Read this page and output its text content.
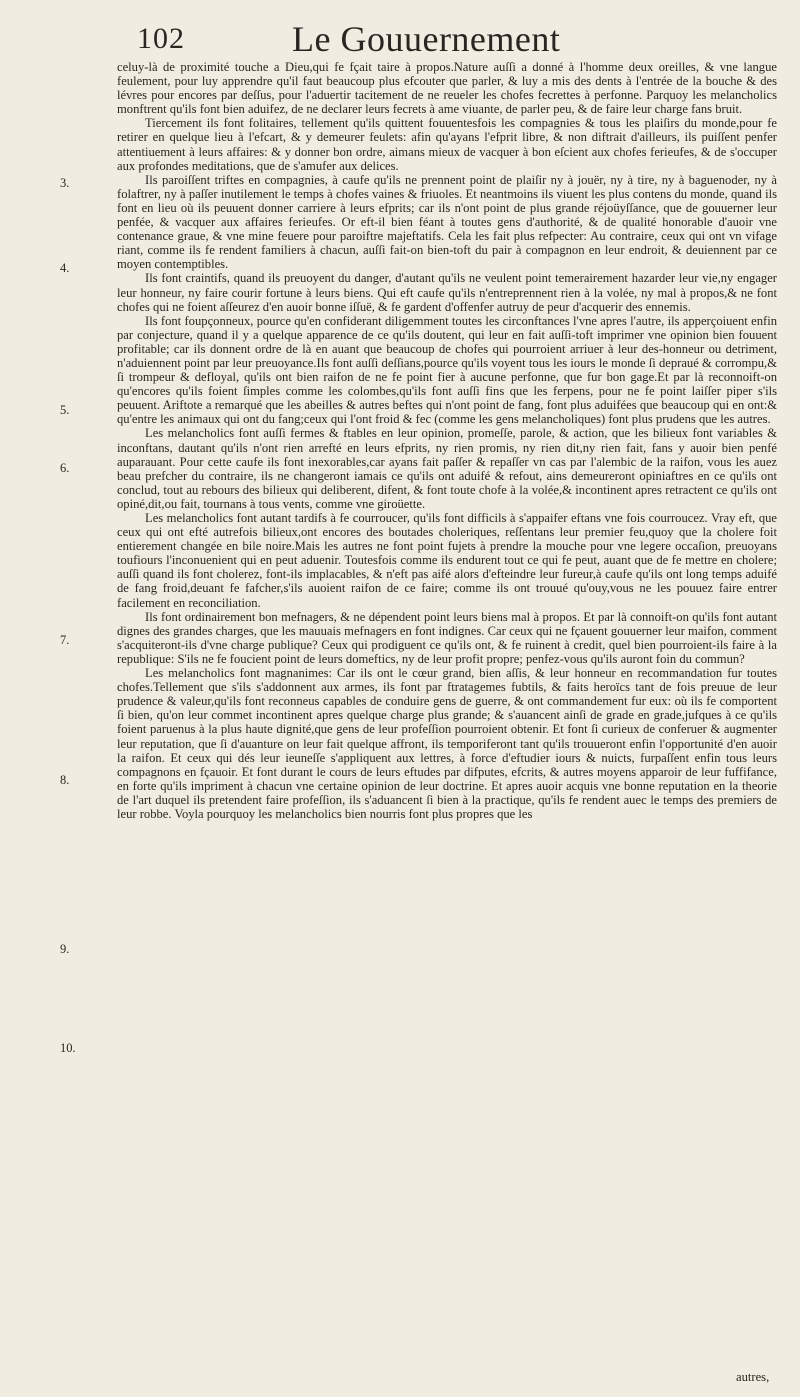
102	Le Gouuernement
3.
4.
5.
6.
7.
8.
9.
10.

celuy-là de proximité touche a Dieu,qui fe fçait taire à propos.Nature auſſi a donné à l'homme deux oreilles, & vne langue feulement, pour luy apprendre qu'il faut beaucoup plus efcouter que parler, & luy a mis des dents à l'entrée de la bouche & des lévres pour encores par deſſus, pour l'aduertir tacitement de ne reueler les chofes fecrettes à perfonne. Parquoy les melancholics monftrent qu'ils font bien aduifez, de ne declarer leurs fecrets à ame viuante, de parler peu, & de faire leur charge fans bruit.

Tiercement ils font folitaires, tellement qu'ils quittent fouuentesfois les compagnies & tous les plaiſirs du monde,pour fe retirer en quelque lieu à l'efcart, & y demeurer feulets: afin qu'ayans l'efprit libre, & non diftrait d'ailleurs, ils puiſſent penfer attentiuement à leurs affaires: & y donner bon ordre, aimans mieux de vacquer à bon eſcient aux chofes ferieufes, & de s'occuper aux profondes meditations, que de s'amufer aux delices.

Ils paroiſſent triftes en compagnies, à caufe qu'ils ne prennent point de plaiſir ny à jouër, ny à tire, ny à baguenoder, ny à folaftrer, ny à paſſer inutilement le temps à chofes vaines & friuoles. Et neantmoins ils viuent les plus contens du monde, quand ils font en lieu où ils peuuent donner carriere à leurs efprits; car ils n'ont point de plus grande réjoüyſſance, que de gouuerner leur penfée, & vacquer aux affaires ferieufes. Or eft-il bien féant à toutes gens d'authorité, & de qualité honorable d'auoir vne contenance graue, & vne mine feuere pour paroiftre majeftatifs. Cela les fait plus refpecter: Au contraire, ceux qui ont vn vifage riant, comme ils fe rendent familiers à chacun, auſſi fait-on bien-toft du pair à compagnon en leur endroit, & deuiennent par ce moyen contemptibles.

Ils font craintifs, quand ils preuoyent du danger, d'autant qu'ils ne veulent point temerairement hazarder leur vie,ny engager leur honneur, ny faire courir fortune à leurs biens. Qui eft caufe qu'ils n'entreprennent rien à la volée, ny mal à propos,& ne font chofes qui ne foient aſſeurez d'en auoir bonne iſſuë, & fe gardent d'offenfer autruy de peur d'acquerir des ennemis.

Ils font foupçonneux, pource qu'en confiderant diligemment toutes les circonftances l'vne apres l'autre, ils apperçoiuent enfin par conjecture, quand il y a quelque apparence de ce qu'ils doutent, qui leur en fait auſſi-toft imprimer vne opinion bien fouuent profitable; car ils donnent ordre de là en auant que beaucoup de chofes qui pourroient arriuer à leur des-honneur ou detriment, n'aduiennent point par leur preuoyance.Ils font auſſi deſſians,pource qu'ils voyent tous les iours le monde ſi depraué & corrompu,& ſi trompeur & defloyal, qu'ils ont bien raifon de ne fe point fier à aucune perfonne, que fur bon gage.Et par là reconnoift-on qu'encores qu'ils foient ſimples comme les colombes,qu'ils font auſſi fins que les ferpens, pour ne fe point laiſſer piper s'ils peuuent. Ariftote a remarqué que les abeilles & autres beftes qui n'ont point de fang, font plus aduifées que beaucoup qui en ont:& qu'entre les animaux qui ont du fang;ceux qui l'ont froid & fec (comme les gens melancholiques) font plus prudens que les autres.

Les melancholics font auſſi fermes & ftables en leur opinion, promeſſe, parole, & action, que les bilieux font variables & inconftans, dautant qu'ils n'ont rien arrefté en leurs efprits, ny rien promis, ny rien dit,ny rien fait, fans y auoir bien penfé auparauant. Pour cette caufe ils font inexorables,car ayans fait paſſer & repaſſer vn cas par l'alembic de la raifon, vous les auez beau prefcher du contraire, ils ne changeront iamais ce qu'ils ont aduifé & refout, ains demeureront opiniaftres en ce qu'ils ont conclud, tout au rebours des bilieux qui deliberent, difent, & font toute chofe à la volée,& incontinent apres retractent ce qu'ils ont opiné,dit,ou fait, tournans à tous vents, comme vne giroüette.

Les melancholics font autant tardifs à fe courroucer, qu'ils font difficils à s'appaifer eftans vne fois courroucez. Vray eft, que ceux qui ont efté autrefois bilieux,ont encores des boutades choleriques, reſſentans leur premier feu,quoy que la cholere foit entierement changée en bile noire.Mais les autres ne font point fujets à prendre la mouche pour vne legere occaſion, preuoyans toufiours l'inconuenient qui en peut aduenir. Toutesfois comme ils endurent tout ce qui fe peut, auant que de fe mettre en cholere; auſſi quand ils font cholerez, font-ils implacables, & n'eft pas aifé alors d'efteindre leur fureur,à caufe qu'ils ont long temps aduifé de fang froid,deuant fe fafcher,s'ils auoient raifon de ce faire; comme ils ont trouué qu'ouy,vous ne les pouuez faire entrer facilement en reconciliation.

Ils font ordinairement bon mefnagers, & ne dépendent point leurs biens mal à propos. Et par là connoift-on qu'ils font autant dignes des grandes charges, que les mauuais mefnagers en font indignes. Car ceux qui ne fçauent gouuerner leur maifon, comment s'acquiteront-ils d'vne charge publique? Ceux qui prodiguent ce qu'ils ont, & fe ruinent à credit, quel bien pourroient-ils faire à la republique: S'ils ne fe foucient point de leurs domeftics, ny de leur profit propre; penfez-vous qu'ils auront foin du commun?

Les melancholics font magnanimes: Car ils ont le cœur grand, bien aſſis, & leur honneur en recommandation fur toutes chofes.Tellement que s'ils s'addonnent aux armes, ils font par ftratagemes fubtils, & faits heroïcs tant de fois preuue de leur prudence & valeur,qu'ils font reconneus capables de conduire gens de guerre, & ont commandement fur eux: où ils fe comportent ſi bien, qu'on leur commet incontinent apres quelque charge plus grande; & s'auancent ainſi de grade en grade,jufques à ce qu'ils foient paruenus à la plus haute dignité,que gens de leur profeſſion pourroient obtenir. Et font ſi curieux de conferuer & augmenter leur reputation, que ſi d'auanture on leur fait quelque affront, ils temporiferont tant qu'ils trouueront enfin l'opportunité d'en auoir la raifon. Et ceux qui dés leur ieuneſſe s'appliquent aux lettres, à force d'eftudier iours & nuicts, furpaſſent enfin tous leurs compagnons en fçauoir. Et font durant le cours de leurs eftudes par difputes, efcrits, & autres moyens apparoir de leur fuffifance, en forte qu'ils impriment à chacun vne certaine opinion de leur doctrine. Et apres auoir acquis vne bonne reputation en la theorie de l'art duquel ils pretendent faire profeſſion, ils s'aduancent ſi bien à la practique, qu'ils fe rendent auec le temps des premiers de leur robbe. Voyla pourquoy les melancholics bien nourris font plus propres que les

autres,
